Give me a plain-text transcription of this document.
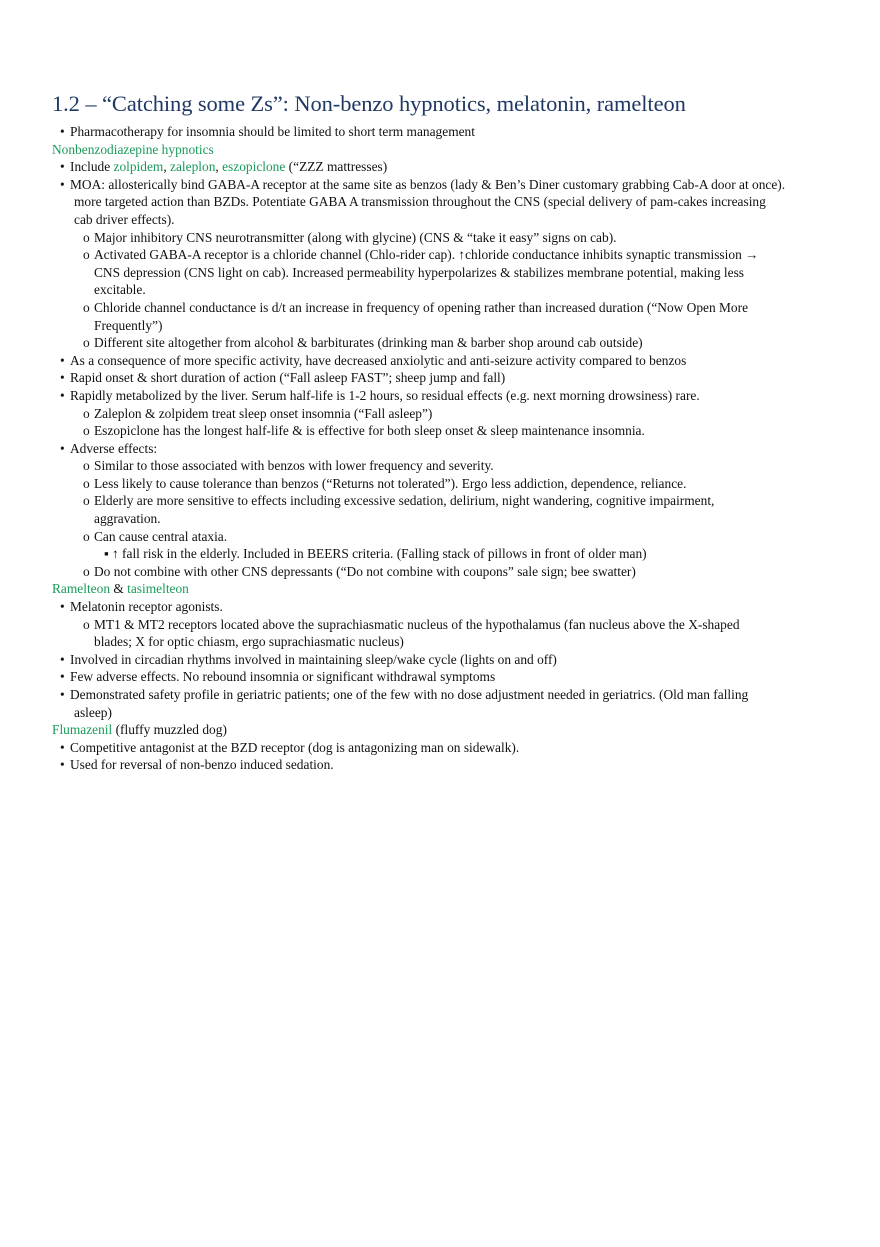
1.2 – “Catching some Zs”: Non-benzo hypnotics, melatonin, ramelteon
• Pharmacotherapy for insomnia should be limited to short term management
Nonbenzodiazepine hypnotics
• Include zolpidem, zaleplon, eszopiclone (“ZZZ mattresses)
• MOA: allosterically bind GABA-A receptor at the same site as benzos (lady & Ben’s Diner customary grabbing Cab-A door at once).
more targeted action than BZDs. Potentiate GABA A transmission throughout the CNS (special delivery of pam-cakes increasing
cab driver effects).
o Major inhibitory CNS neurotransmitter (along with glycine) (CNS & “take it easy” signs on cab).
o Activated GABA-A receptor is a chloride channel (Chlo-rider cap). ↑chloride conductance inhibits synaptic transmission →
CNS depression (CNS light on cab). Increased permeability hyperpolarizes & stabilizes membrane potential, making less
excitable.
o Chloride channel conductance is d/t an increase in frequency of opening rather than increased duration (“Now Open More
Frequently”)
o Different site altogether from alcohol & barbiturates (drinking man & barber shop around cab outside)
• As a consequence of more specific activity, have decreased anxiolytic and anti-seizure activity compared to benzos
• Rapid onset & short duration of action (“Fall asleep FAST”; sheep jump and fall)
• Rapidly metabolized by the liver. Serum half-life is 1-2 hours, so residual effects (e.g. next morning drowsiness) rare.
o Zaleplon & zolpidem treat sleep onset insomnia (“Fall asleep”)
o Eszopiclone has the longest half-life & is effective for both sleep onset & sleep maintenance insomnia.
• Adverse effects:
o Similar to those associated with benzos with lower frequency and severity.
o Less likely to cause tolerance than benzos (“Returns not tolerated”). Ergo less addiction, dependence, reliance.
o Elderly are more sensitive to effects including excessive sedation, delirium, night wandering, cognitive impairment,
aggravation.
o Can cause central ataxia.
▪ ↑ fall risk in the elderly. Included in BEERS criteria. (Falling stack of pillows in front of older man)
o Do not combine with other CNS depressants (“Do not combine with coupons” sale sign; bee swatter)
Ramelteon & tasimelteon
• Melatonin receptor agonists.
o MT1 & MT2 receptors located above the suprachiasmatic nucleus of the hypothalamus (fan nucleus above the X-shaped
blades; X for optic chiasm, ergo suprachiasmatic nucleus)
• Involved in circadian rhythms involved in maintaining sleep/wake cycle (lights on and off)
• Few adverse effects. No rebound insomnia or significant withdrawal symptoms
• Demonstrated safety profile in geriatric patients; one of the few with no dose adjustment needed in geriatrics. (Old man falling
asleep)
Flumazenil (fluffy muzzled dog)
• Competitive antagonist at the BZD receptor (dog is antagonizing man on sidewalk).
• Used for reversal of non-benzo induced sedation.
